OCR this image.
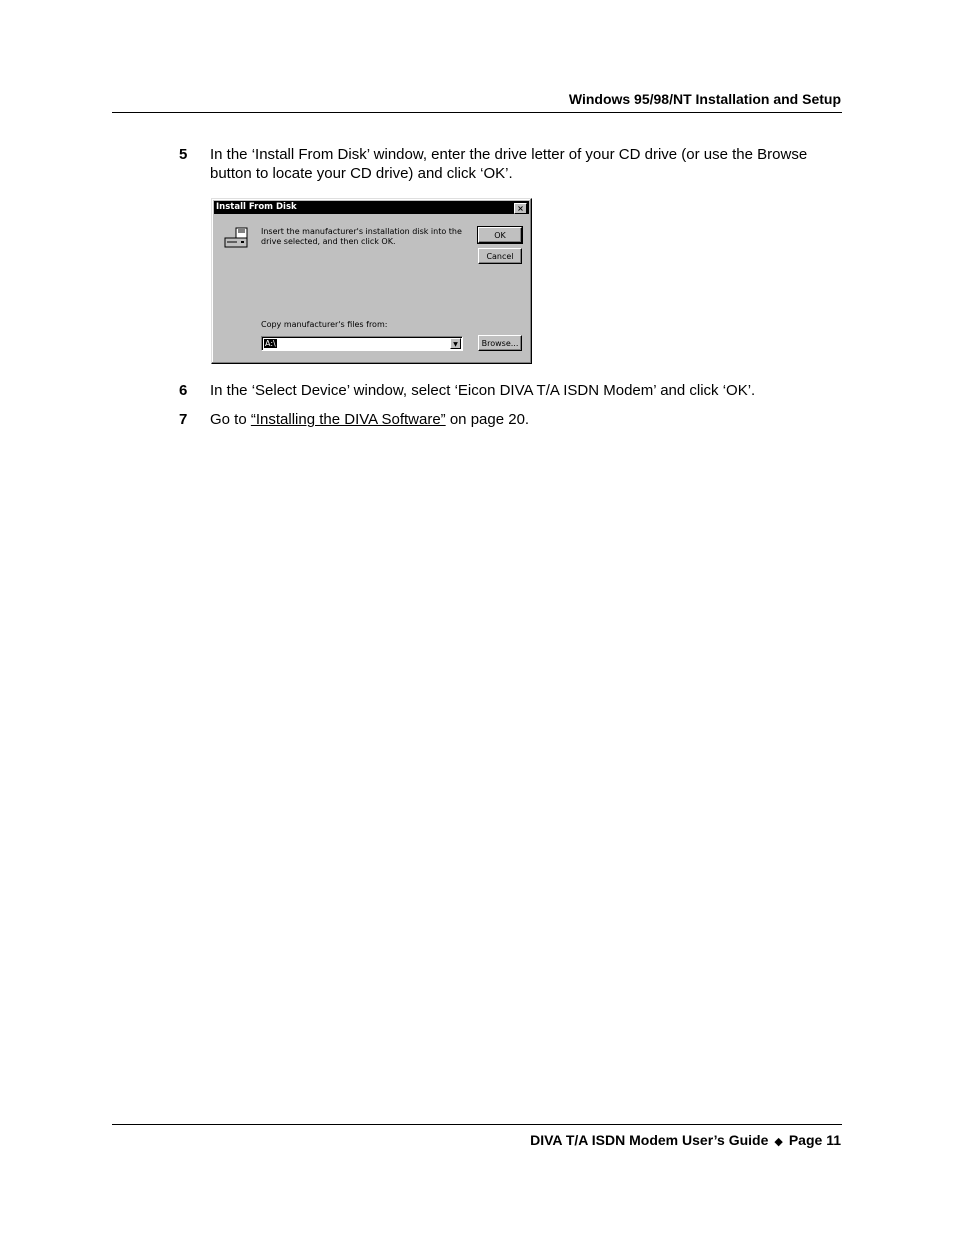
Windows 95/98/NT Installation and Setup
5 In the ‘Install From Disk’ window, enter the drive letter of your CD drive (or use the Browse button to locate your CD drive) and click ‘OK’.
Install From Disk	×
Insert the manufacturer's installation disk into the drive selected, and then click OK.
OK
Cancel
Copy manufacturer's files from:
A:\	▼	Browse...
6 In the ‘Select Device’ window, select ‘Eicon DIVA T/A ISDN Modem’ and click ‘OK’.
7 Go to “Installing the DIVA Software” on page 20.
DIVA T/A ISDN Modem User’s Guide ◆ Page 11
